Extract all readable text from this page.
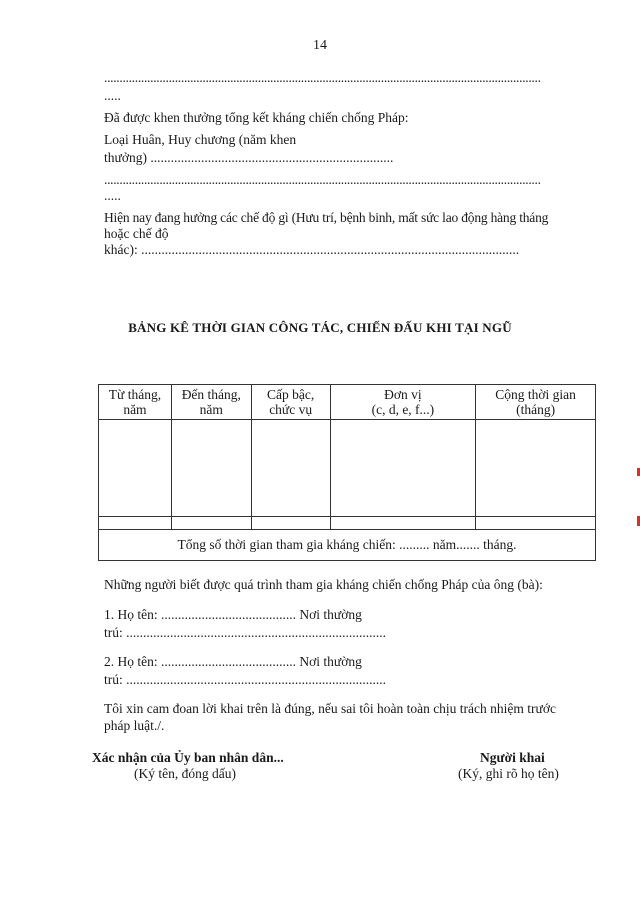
14
..............................................................................................................................................
.....
Đã được khen thưởng tổng kết kháng chiến chống Pháp:
Loại Huân, Huy chương (năm khen
thưởng) ........................................................................
..............................................................................................................................................
.....
Hiện nay đang hưởng các chế độ gì (Hưu trí, bệnh binh, mất sức lao động hàng tháng
hoặc chế độ
khác): ................................................................................................................
BẢNG KÊ THỜI GIAN CÔNG TÁC, CHIẾN ĐẤU KHI TẠI NGŨ
Từ tháng,
năm	Đến tháng,
năm	Cấp bậc,
chức vụ	Đơn vị
(c, d, e, f...)	Cộng thời gian
(tháng)

Tổng số thời gian tham gia kháng chiến: ......... năm....... tháng.				
Những người biết được quá trình tham gia kháng chiến chống Pháp của ông (bà):
1. Họ tên: ........................................ Nơi thường
trú: .............................................................................
2. Họ tên: ........................................ Nơi thường
trú: .............................................................................
Tôi xin cam đoan lời khai trên là đúng, nếu sai tôi hoàn toàn chịu trách nhiệm trước
pháp luật./.
Xác nhận của Ủy ban nhân dân...
(Ký tên, đóng dấu)
Người khai
(Ký, ghi rõ họ tên)
